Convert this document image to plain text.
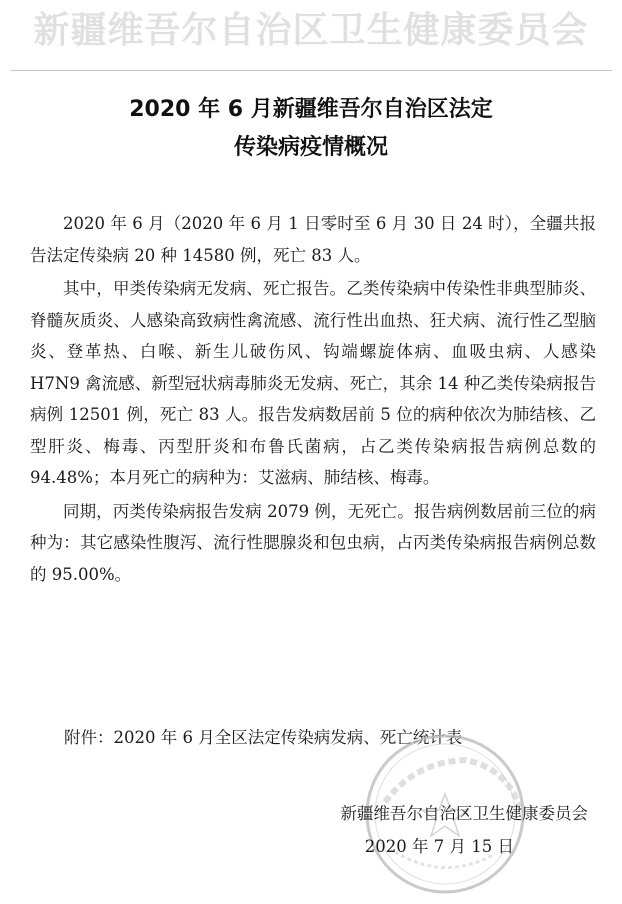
新疆维吾尔自治区卫生健康委员会
2020 年 6 月新疆维吾尔自治区法定
传染病疫情概况

2020 年 6 月（2020 年 6 月 1 日零时至 6 月 30 日 24 时），全疆共报告法定传染病 20 种 14580 例，死亡 83 人。

其中，甲类传染病无发病、死亡报告。乙类传染病中传染性非典型肺炎、脊髓灰质炎、人感染高致病性禽流感、流行性出血热、狂犬病、流行性乙型脑炎、登革热、白喉、新生儿破伤风、钩端螺旋体病、血吸虫病、人感染 H7N9 禽流感、新型冠状病毒肺炎无发病、死亡，其余 14 种乙类传染病报告病例 12501 例，死亡 83 人。报告发病数居前 5 位的病种依次为肺结核、乙型肝炎、梅毒、丙型肝炎和布鲁氏菌病，占乙类传染病报告病例总数的 94.48%；本月死亡的病种为：艾滋病、肺结核、梅毒。

同期，丙类传染病报告发病 2079 例，无死亡。报告病例数居前三位的病种为：其它感染性腹泻、流行性腮腺炎和包虫病，占丙类传染病报告病例总数的 95.00%。

附件：2020 年 6 月全区法定传染病发病、死亡统计表
新疆维吾尔自治区卫生健康委员会
2020 年 7 月 15 日
